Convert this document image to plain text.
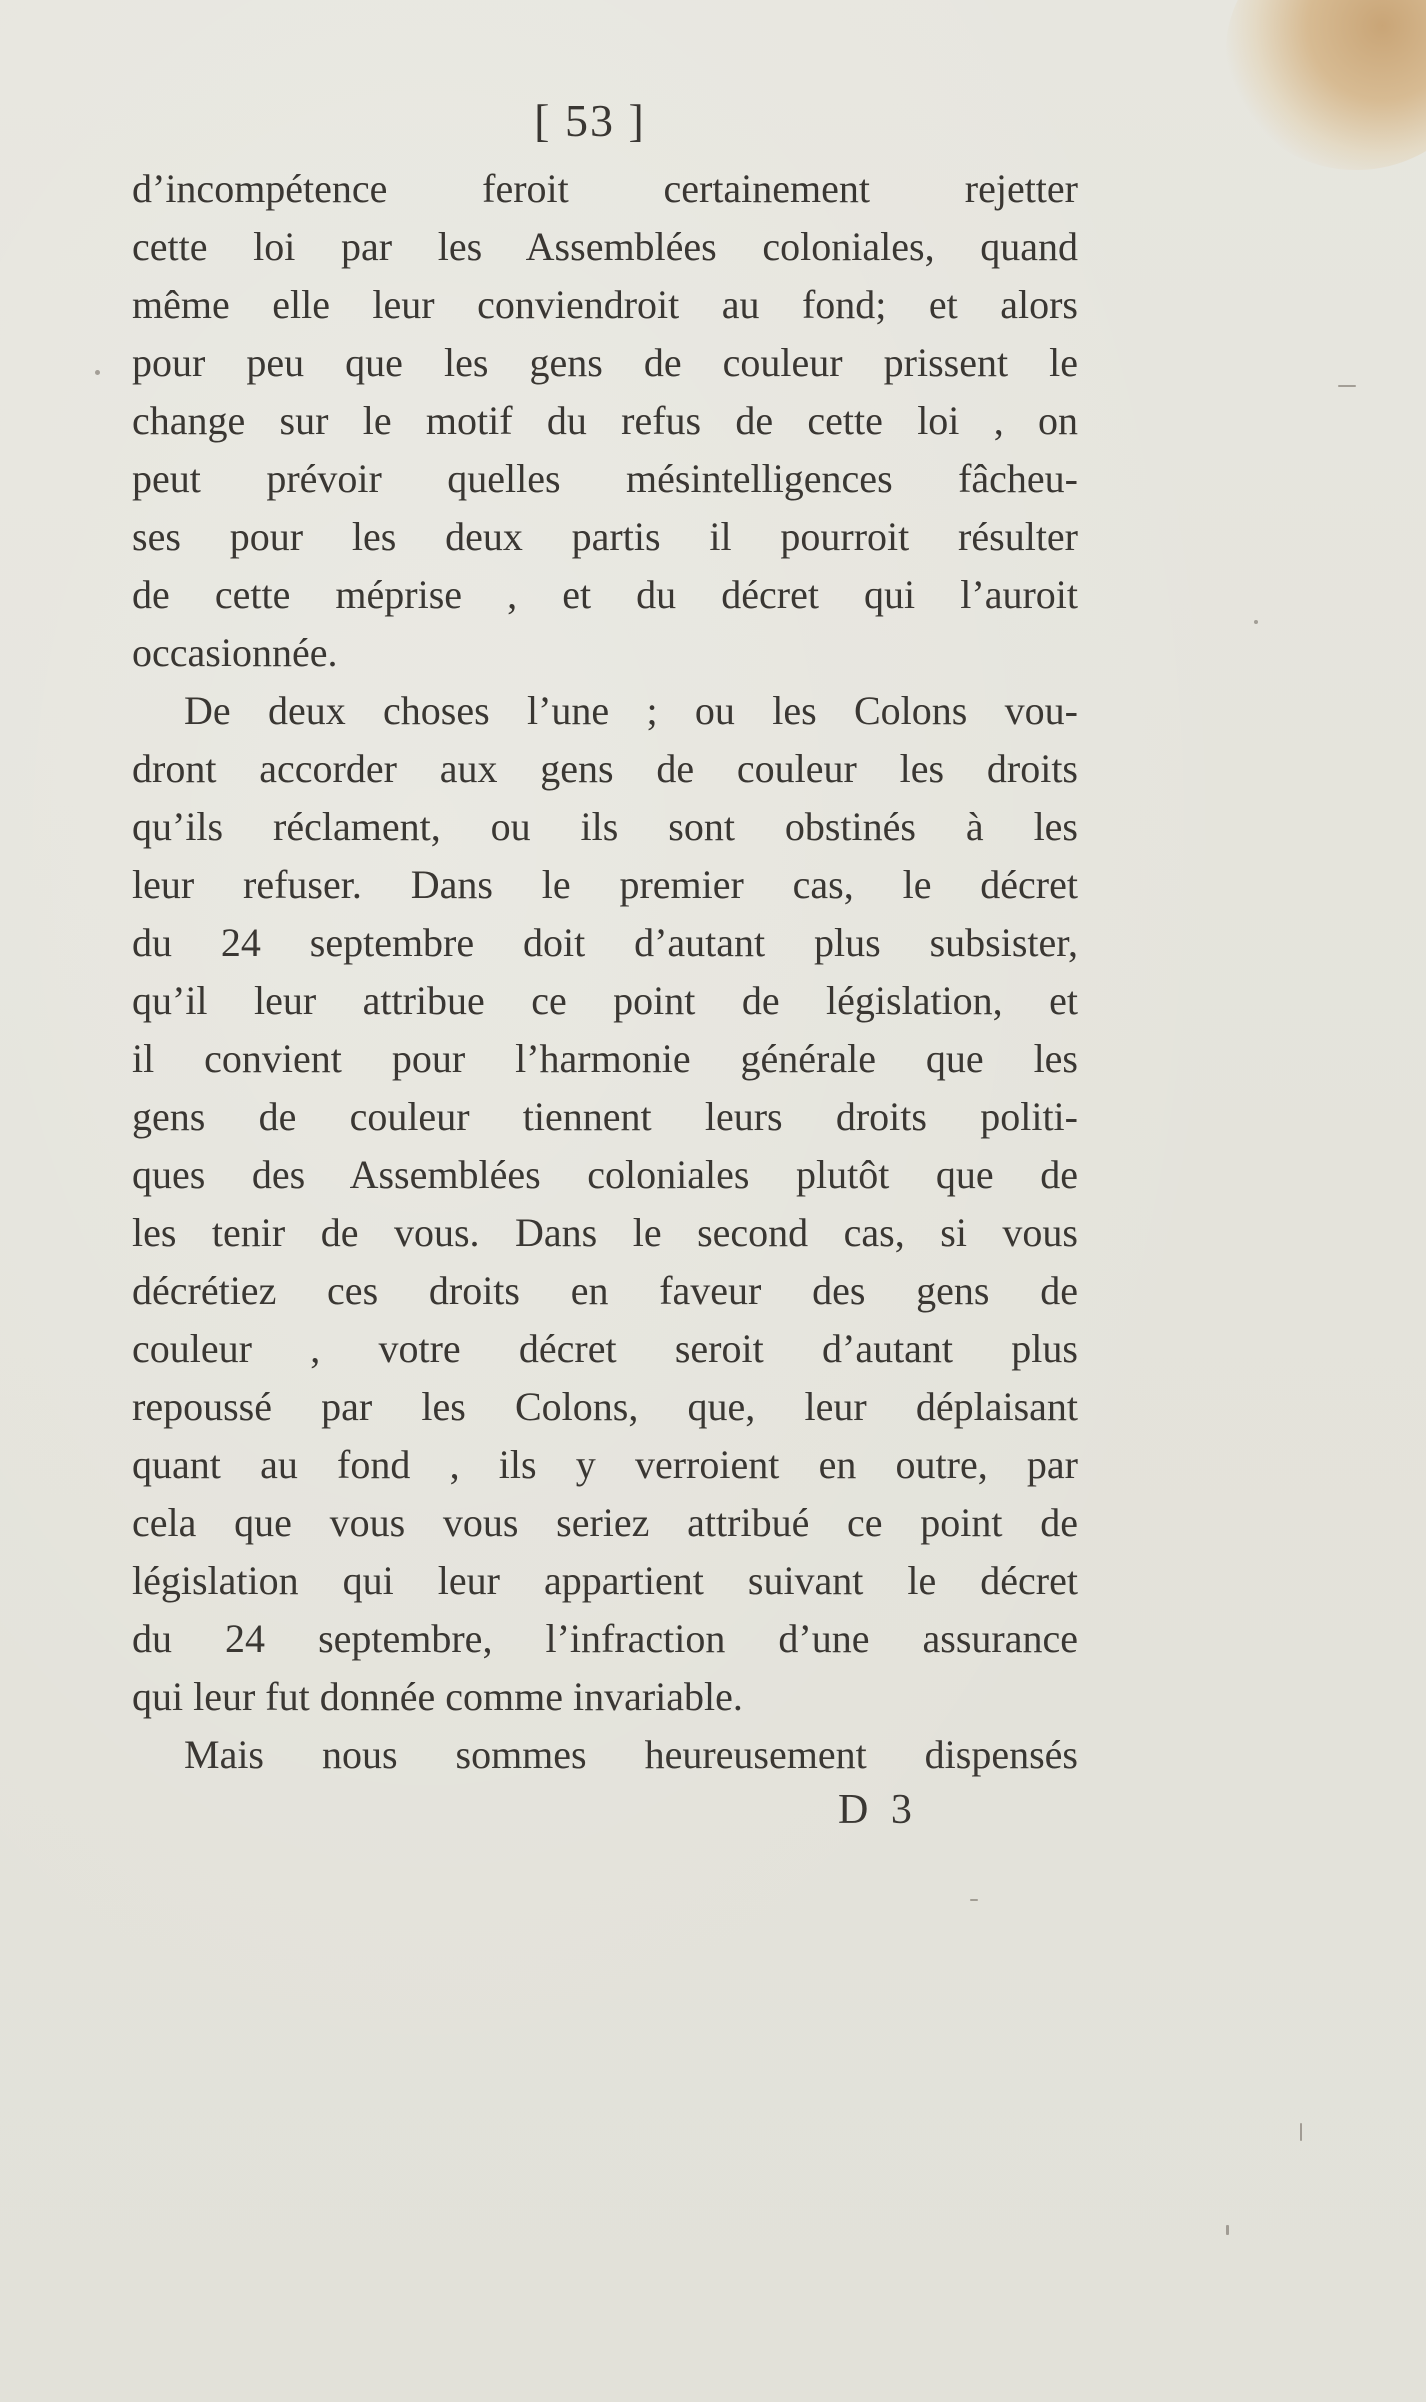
[ 53 ]
d’incompétence feroit certainement rejetter
cette loi par les Assemblées coloniales, quand
même elle leur conviendroit au fond; et alors
pour peu que les gens de couleur prissent le
change sur le motif du refus de cette loi , on
peut prévoir quelles mésintelligences fâcheu-
ses pour les deux partis il pourroit résulter
de cette méprise , et du décret qui l’auroit
occasionnée.
De deux choses l’une ; ou les Colons vou-
dront accorder aux gens de couleur les droits
qu’ils réclament, ou ils sont obstinés à les
leur refuser. Dans le premier cas, le décret
du 24 septembre doit d’autant plus subsister,
qu’il leur attribue ce point de législation, et
il convient pour l’harmonie générale que les
gens de couleur tiennent leurs droits politi-
ques des Assemblées coloniales plutôt que de
les tenir de vous. Dans le second cas, si vous
décrétiez ces droits en faveur des gens de
couleur , votre décret seroit d’autant plus
repoussé par les Colons, que, leur déplaisant
quant au fond , ils y verroient en outre, par
cela que vous vous seriez attribué ce point de
législation qui leur appartient suivant le décret
du 24 septembre, l’infraction d’une assurance
qui leur fut donnée comme invariable.
Mais nous sommes heureusement dispensés
D 3
